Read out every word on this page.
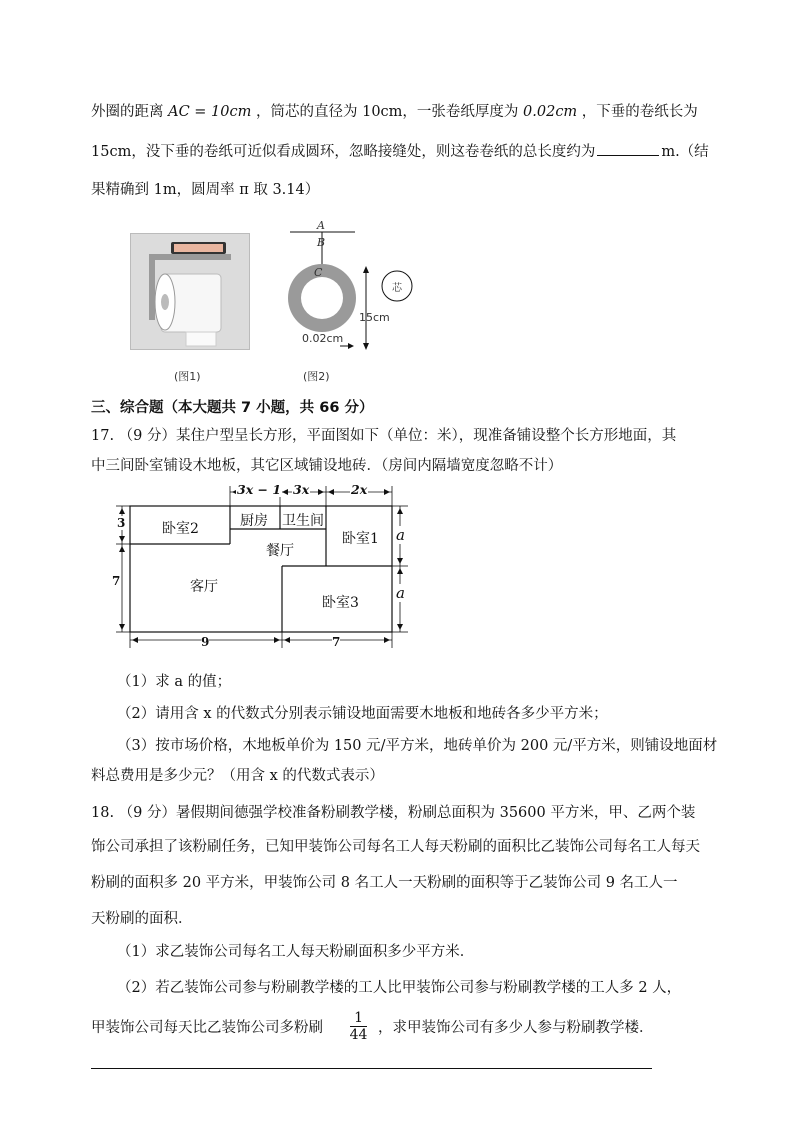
外圈的距离 AC = 10cm ，筒芯的直径为 10cm，一张卷纸厚度为 0.02cm ，下垂的卷纸长为
15cm，没下垂的卷纸可近似看成圆环，忽略接缝处，则这卷卷纸的总长度约为	m.（结
果精确到 1m，圆周率 π 取 3.14）
(图1)
A
B
C
芯
15cm
0.02cm
(图2)
三、综合题（本大题共 7 小题，共 66 分）
17. （9 分）某住户型呈长方形，平面图如下（单位：米），现准备铺设整个长方形地面，其
中三间卧室铺设木地板，其它区域铺设地砖．（房间内隔墙宽度忽略不计）
卧室2	厨房 卫生间
卧室1
餐厅
客厅
卧室3
3x − 1 3x	2x
3
7
9	7
a
a
（1）求 a 的值；
（2）请用含 x 的代数式分别表示铺设地面需要木地板和地砖各多少平方米；
（3）按市场价格，木地板单价为 150 元/平方米，地砖单价为 200 元/平方米，则铺设地面材
料总费用是多少元？（用含 x 的代数式表示）
18. （9 分）暑假期间德强学校准备粉刷教学楼，粉刷总面积为 35600 平方米，甲、乙两个装
饰公司承担了该粉刷任务，已知甲装饰公司每名工人每天粉刷的面积比乙装饰公司每名工人每天
粉刷的面积多 20 平方米，甲装饰公司 8 名工人一天粉刷的面积等于乙装饰公司 9 名工人一
天粉刷的面积．
（1）求乙装饰公司每名工人每天粉刷面积多少平方米．
（2）若乙装饰公司参与粉刷教学楼的工人比甲装饰公司参与粉刷教学楼的工人多 2 人，
甲装饰公司每天比乙装饰公司多粉刷 $\frac{1}{44}$ ，求甲装饰公司有多少人参与粉刷教学楼．
